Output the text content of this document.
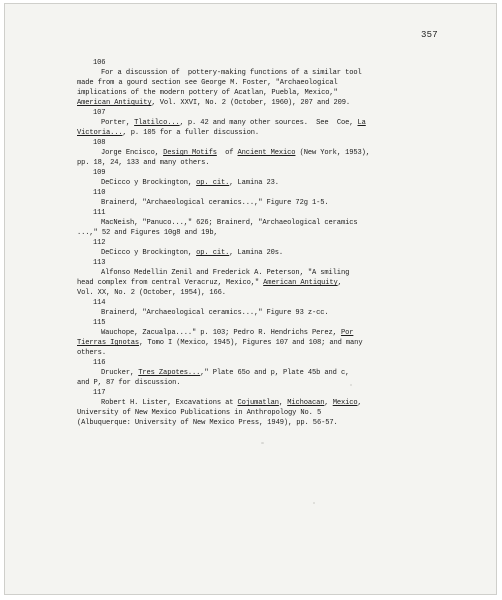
357
106
For a discussion of  pottery-making functions of a similar tool
made from a gourd section see George M. Foster, "Archaeological
implications of the modern pottery of Acatlan, Puebla, Mexico,"
American Antiquity, Vol. XXVI, No. 2 (October, 1960), 207 and 209.
107
Porter, Tlatilco..., p. 42 and many other sources.  See  Coe, La
Victoria..., p. 105 for a fuller discussion.
108
Jorge Encisco, Design Motifs  of Ancient Mexico (New York, 1953),
pp. 18, 24, 133 and many others.
109
DeCicco y Brockington, op. cit., Lamina 23.
110
Brainerd, "Archaeological ceramics...," Figure 72g 1-5.
111
MacNeish, "Panuco...," 626; Brainerd, "Archaeological ceramics
...," 52 and Figures 10g8 and 19b,
112
DeCicco y Brockington, op. cit., Lamina 20s.
113
Alfonso Medellin Zenil and Frederick A. Peterson, "A smiling
head complex from central Veracruz, Mexico," American Antiquity,
Vol. XX, No. 2 (October, 1954), 166.
114
Brainerd, "Archaeological ceramics...," Figure 93 z-cc.
115
Wauchope, Zacualpa...." p. 103; Pedro R. Hendrichs Perez, Por
Tierras Ignotas, Tomo I (Mexico, 1945), Figures 107 and 108; and many
others.
116
Drucker, Tres Zapotes...," Plate 65o and p, Plate 45b and c,
and P, 87 for discussion.
117
Robert H. Lister, Excavations at Cojumatlan, Michoacan, Mexico,
University of New Mexico Publications in Anthropology No. 5
(Albuquerque: University of New Mexico Press, 1949), pp. 56-57.
